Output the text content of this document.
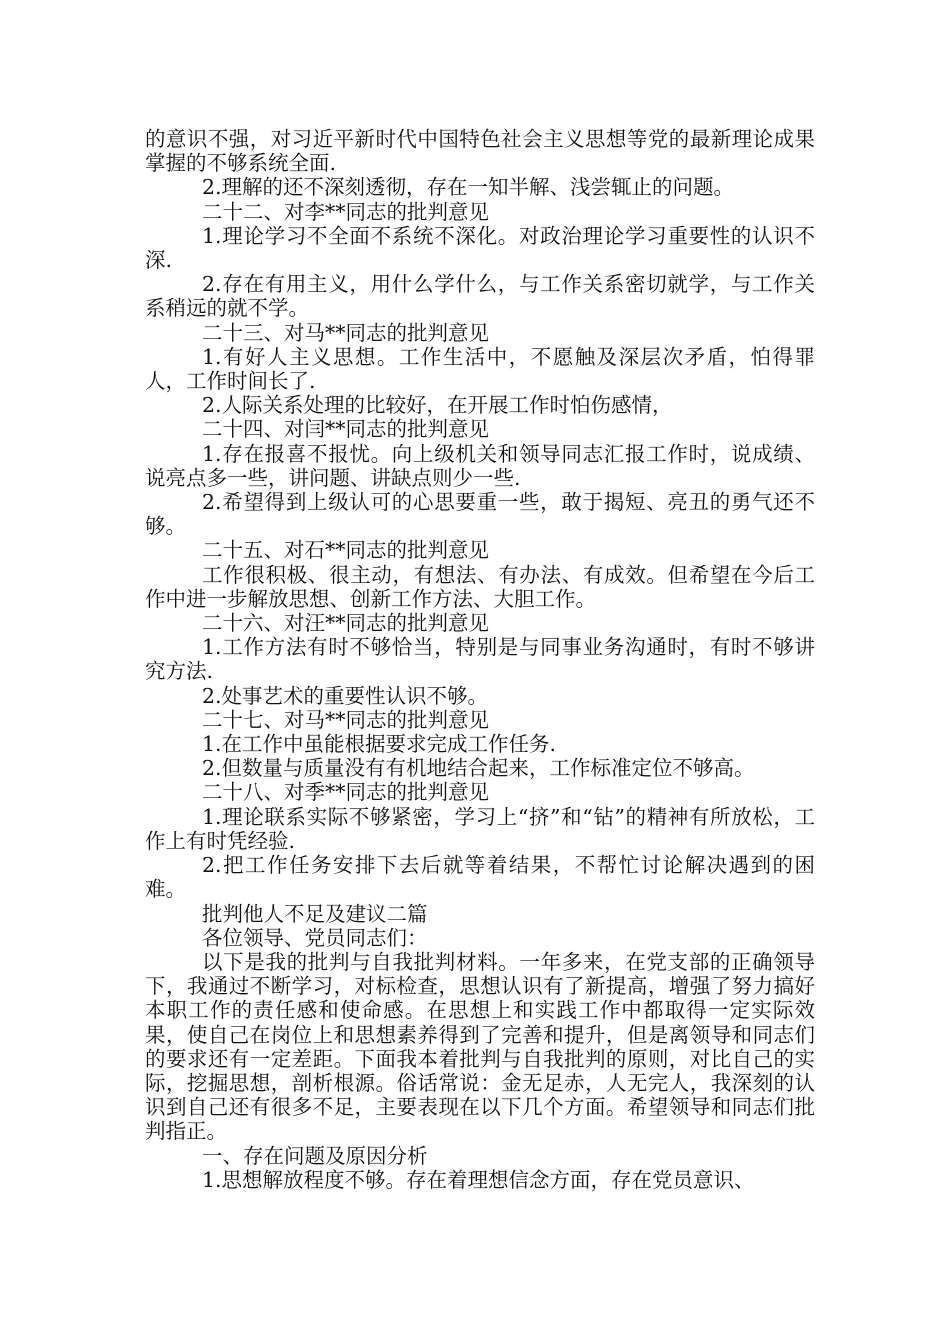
的意识不强，对习近平新时代中国特色社会主义思想等党的最新理论成果掌握的不够系统全面.

2.理解的还不深刻透彻，存在一知半解、浅尝辄止的问题。

二十二、对李**同志的批判意见

1.理论学习不全面不系统不深化。对政治理论学习重要性的认识不深.

2.存在有用主义，用什么学什么，与工作关系密切就学，与工作关系稍远的就不学。

二十三、对马**同志的批判意见

1.有好人主义思想。工作生活中，不愿触及深层次矛盾，怕得罪人，工作时间长了.

2.人际关系处理的比较好，在开展工作时怕伤感情，

二十四、对闫**同志的批判意见

1.存在报喜不报忧。向上级机关和领导同志汇报工作时，说成绩、说亮点多一些，讲问题、讲缺点则少一些.

2.希望得到上级认可的心思要重一些，敢于揭短、亮丑的勇气还不够。

二十五、对石**同志的批判意见

工作很积极、很主动，有想法、有办法、有成效。但希望在今后工作中进一步解放思想、创新工作方法、大胆工作。

二十六、对汪**同志的批判意见

1.工作方法有时不够恰当，特别是与同事业务沟通时，有时不够讲究方法.

2.处事艺术的重要性认识不够。

二十七、对马**同志的批判意见

1.在工作中虽能根据要求完成工作任务.

2.但数量与质量没有有机地结合起来，工作标准定位不够高。

二十八、对季**同志的批判意见

1.理论联系实际不够紧密，学习上“挤”和“钻”的精神有所放松，工作上有时凭经验.

2.把工作任务安排下去后就等着结果，不帮忙讨论解决遇到的困难。

批判他人不足及建议二篇

各位领导、党员同志们：

以下是我的批判与自我批判材料。一年多来，在党支部的正确领导下，我通过不断学习，对标检查，思想认识有了新提高，增强了努力搞好本职工作的责任感和使命感。在思想上和实践工作中都取得一定实际效果，使自己在岗位上和思想素养得到了完善和提升，但是离领导和同志们的要求还有一定差距。下面我本着批判与自我批判的原则，对比自己的实际，挖掘思想，剖析根源。俗话常说：金无足赤，人无完人，我深刻的认识到自己还有很多不足，主要表现在以下几个方面。希望领导和同志们批判指正。

一、存在问题及原因分析

1.思想解放程度不够。存在着理想信念方面，存在党员意识、
